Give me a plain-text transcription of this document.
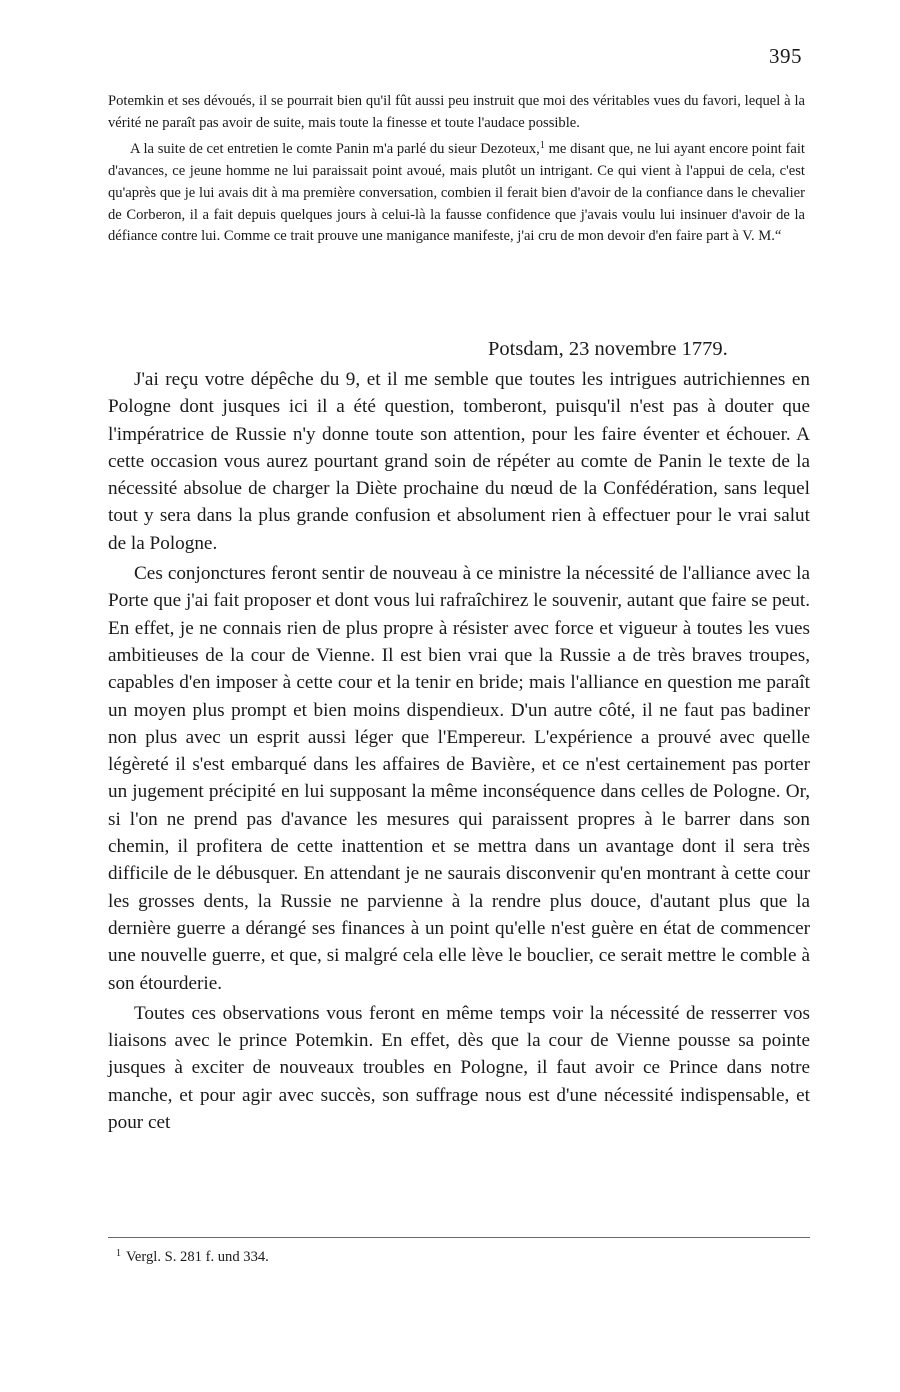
395

Potemkin et ses dévoués, il se pourrait bien qu'il fût aussi peu instruit que moi des véritables vues du favori, lequel à la vérité ne paraît pas avoir de suite, mais toute la finesse et toute l'audace possible.

A la suite de cet entretien le comte Panin m'a parlé du sieur Dezoteux,$^1$ me disant que, ne lui ayant encore point fait d'avances, ce jeune homme ne lui paraissait point avoué, mais plutôt un intrigant. Ce qui vient à l'appui de cela, c'est qu'après que je lui avais dit à ma première conversation, combien il ferait bien d'avoir de la confiance dans le chevalier de Corberon, il a fait depuis quelques jours à celui-là la fausse confidence que j'avais voulu lui insinuer d'avoir de la défiance contre lui. Comme ce trait prouve une manigance manifeste, j'ai cru de mon devoir d'en faire part à V. M.“

Potsdam, 23 novembre 1779.

J'ai reçu votre dépêche du 9, et il me semble que toutes les intrigues autrichiennes en Pologne dont jusques ici il a été question, tomberont, puisqu'il n'est pas à douter que l'impératrice de Russie n'y donne toute son attention, pour les faire éventer et échouer. A cette occasion vous aurez pourtant grand soin de répéter au comte de Panin le texte de la nécessité absolue de charger la Diète prochaine du nœud de la Confédération, sans lequel tout y sera dans la plus grande confusion et absolument rien à effectuer pour le vrai salut de la Pologne.

Ces conjonctures feront sentir de nouveau à ce ministre la nécessité de l'alliance avec la Porte que j'ai fait proposer et dont vous lui rafraîchirez le souvenir, autant que faire se peut. En effet, je ne connais rien de plus propre à résister avec force et vigueur à toutes les vues ambitieuses de la cour de Vienne. Il est bien vrai que la Russie a de très braves troupes, capables d'en imposer à cette cour et la tenir en bride; mais l'alliance en question me paraît un moyen plus prompt et bien moins dispendieux. D'un autre côté, il ne faut pas badiner non plus avec un esprit aussi léger que l'Empereur. L'expérience a prouvé avec quelle légèreté il s'est embarqué dans les affaires de Bavière, et ce n'est certainement pas porter un jugement précipité en lui supposant la même inconséquence dans celles de Pologne. Or, si l'on ne prend pas d'avance les mesures qui paraissent propres à le barrer dans son chemin, il profitera de cette inattention et se mettra dans un avantage dont il sera très difficile de le débusquer. En attendant je ne saurais disconvenir qu'en montrant à cette cour les grosses dents, la Russie ne parvienne à la rendre plus douce, d'autant plus que la dernière guerre a dérangé ses finances à un point qu'elle n'est guère en état de commencer une nouvelle guerre, et que, si malgré cela elle lève le bouclier, ce serait mettre le comble à son étourderie.

Toutes ces observations vous feront en même temps voir la nécessité de resserrer vos liaisons avec le prince Potemkin. En effet, dès que la cour de Vienne pousse sa pointe jusques à exciter de nouveaux troubles en Pologne, il faut avoir ce Prince dans notre manche, et pour agir avec succès, son suffrage nous est d'une nécessité indispensable, et pour cet

$^1$ Vergl. S. 281 f. und 334.
